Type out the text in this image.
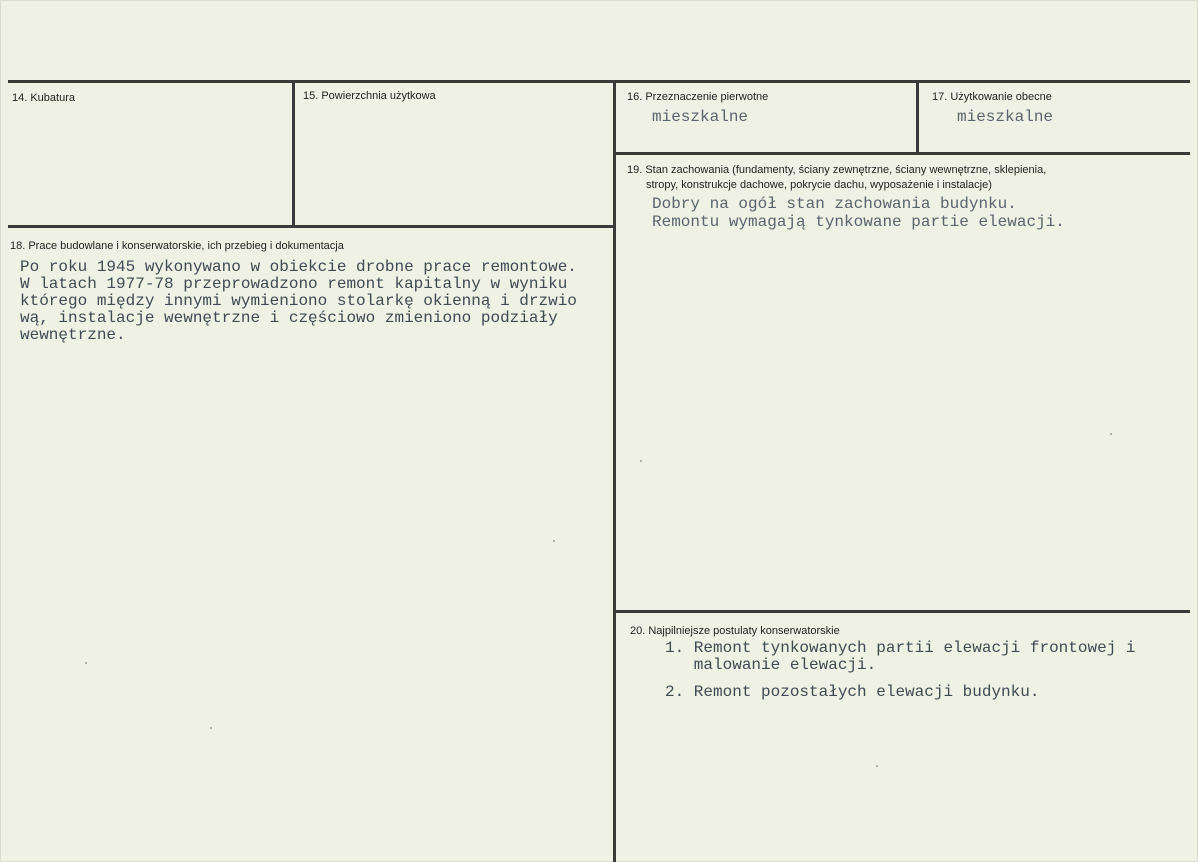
14. Kubatura	15. Powierzchnia użytkowa	16. Przeznaczenie pierwotne
mieszkalne
17. Użytkowanie obecne
mieszkalne
19. Stan zachowania (fundamenty, ściany zewnętrzne, ściany wewnętrzne, sklepienia,
stropy, konstrukcje dachowe, pokrycie dachu, wyposażenie i instalacje)
Dobry na ogół stan zachowania budynku.
Remontu wymagają tynkowane partie elewacji.
18. Prace budowlane i konserwatorskie, ich przebieg i dokumentacja
Po roku 1945 wykonywano w obiekcie drobne prace remontowe.
W latach 1977-78 przeprowadzono remont kapitalny w wyniku
którego między innymi wymieniono stolarkę okienną i drzwio
wą, instalacje wewnętrzne i częściowo zmieniono podziały
wewnętrzne.
20. Najpilniejsze postulaty konserwatorskie
1. Remont tynkowanych partii elewacji frontowej i
malowanie elewacji.
2. Remont pozostałych elewacji budynku.
